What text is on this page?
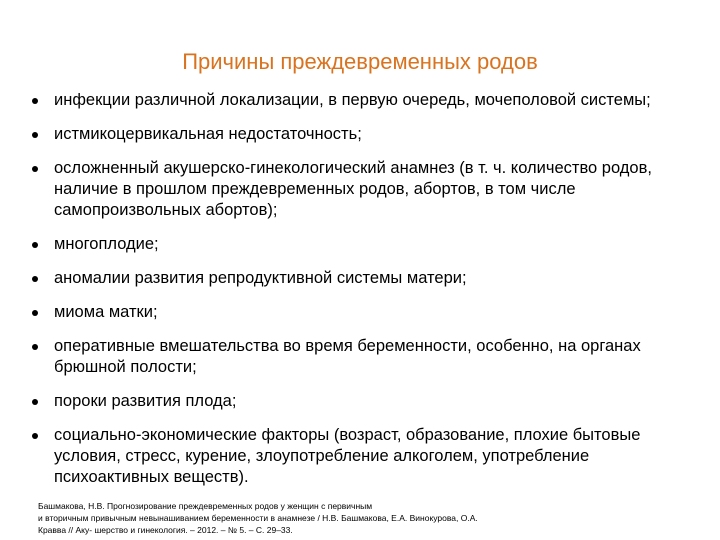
Причины преждевременных родов
инфекции различной локализации, в первую очередь, мочеполовой системы;
истмикоцервикальная недостаточность;
осложненный акушерско-гинекологический анамнез (в т. ч. количество родов, наличие в прошлом преждевременных родов, абортов, в том числе самопроизвольных абортов);
многоплодие;
аномалии развития репродуктивной системы матери;
миома матки;
оперативные вмешательства во время беременности, особенно, на органах брюшной полости;
пороки развития плода;
социально-экономические факторы (возраст, образование, плохие бытовые условия, стресс, курение, злоупотребление алкоголем, употребление психоактивных веществ).
Башмакова, Н.В. Прогнозирование преждевременных родов у женщин с первичным
и вторичным привычным невынашиванием беременности в анамнезе / Н.В. Башмакова, Е.А. Винокурова, О.А.
Кравва // Аку- шерство и гинекология. – 2012. – № 5. – С. 29–33.
